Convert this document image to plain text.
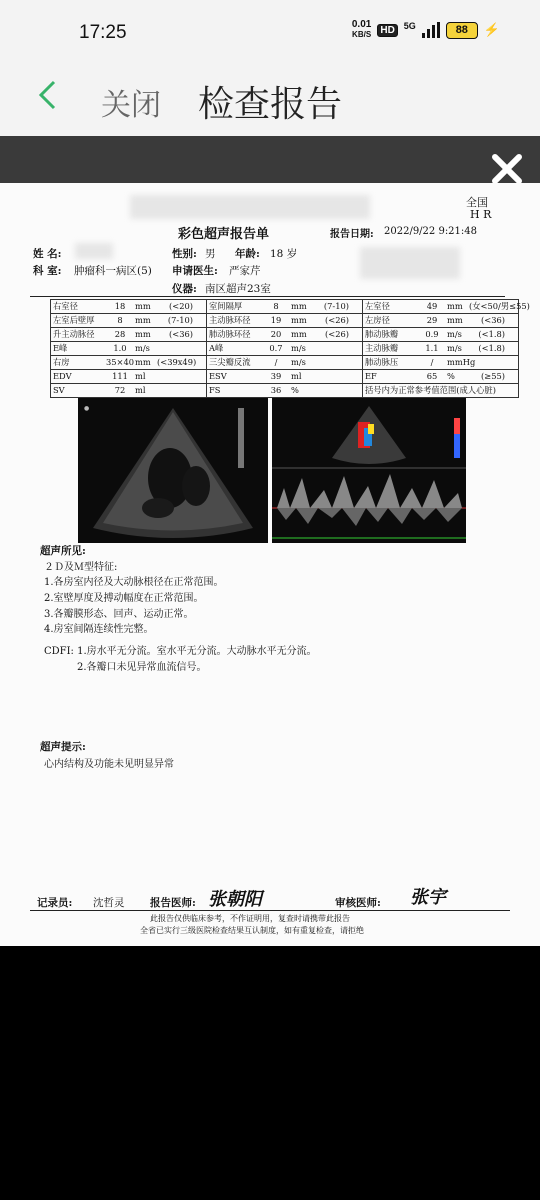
17:25	0.01
KB/S HD	5G	88	⚡
关闭 检查报告
全国
H R
彩色超声报告单	报告日期: 2022/9/22 9:21:48
姓 名:	性别: 男 年龄: 18 岁
科 室: 肿瘤科一病区(5) 申请医生: 严家芹
仪器: 南区超声23室
右室径 18 mm (<20)	室间隔厚 8 mm (7-10)	左室径 49 mm (女<50/男≤55)
左室后壁厚 8 mm (7-10)	主动脉环径 19 mm (<26)	左房径 29 mm (<36)
升主动脉径 28 mm (<36)	肺动脉环径 20 mm (<26)	肺动脉瓣 0.9 m/s (<1.8)
E峰 1.0 m/s	A峰 0.7 m/s	主动脉瓣 1.1 m/s (<1.8)
右房 35×40mm (<39x49)	三尖瓣反流 / m/s	肺动脉压 / mmHg
EDV 111 ml	ESV 39 ml	EF 65 % (≥55)
SV 72 ml	FS 36 %	括号内为正常参考值范围(成人心脏)
●
超声所见:
２Ｄ及Ｍ型特征:
1.各房室内径及大动脉根径在正常范围。
2.室壁厚度及搏动幅度在正常范围。
3.各瓣膜形态、回声、运动正常。
4.房室间隔连续性完整。
CDFI: 1.房水平无分流。室水平无分流。大动脉水平无分流。
2.各瓣口未见异常血流信号。
超声提示:
心内结构及功能未见明显异常
记录员: 沈哲灵 报告医师: 张朝阳	审核医师: 张宇
此报告仅供临床参考，不作证明用，复查时请携带此报告
全省已实行三级医院检查结果互认制度，如有重复检查，请拒绝
